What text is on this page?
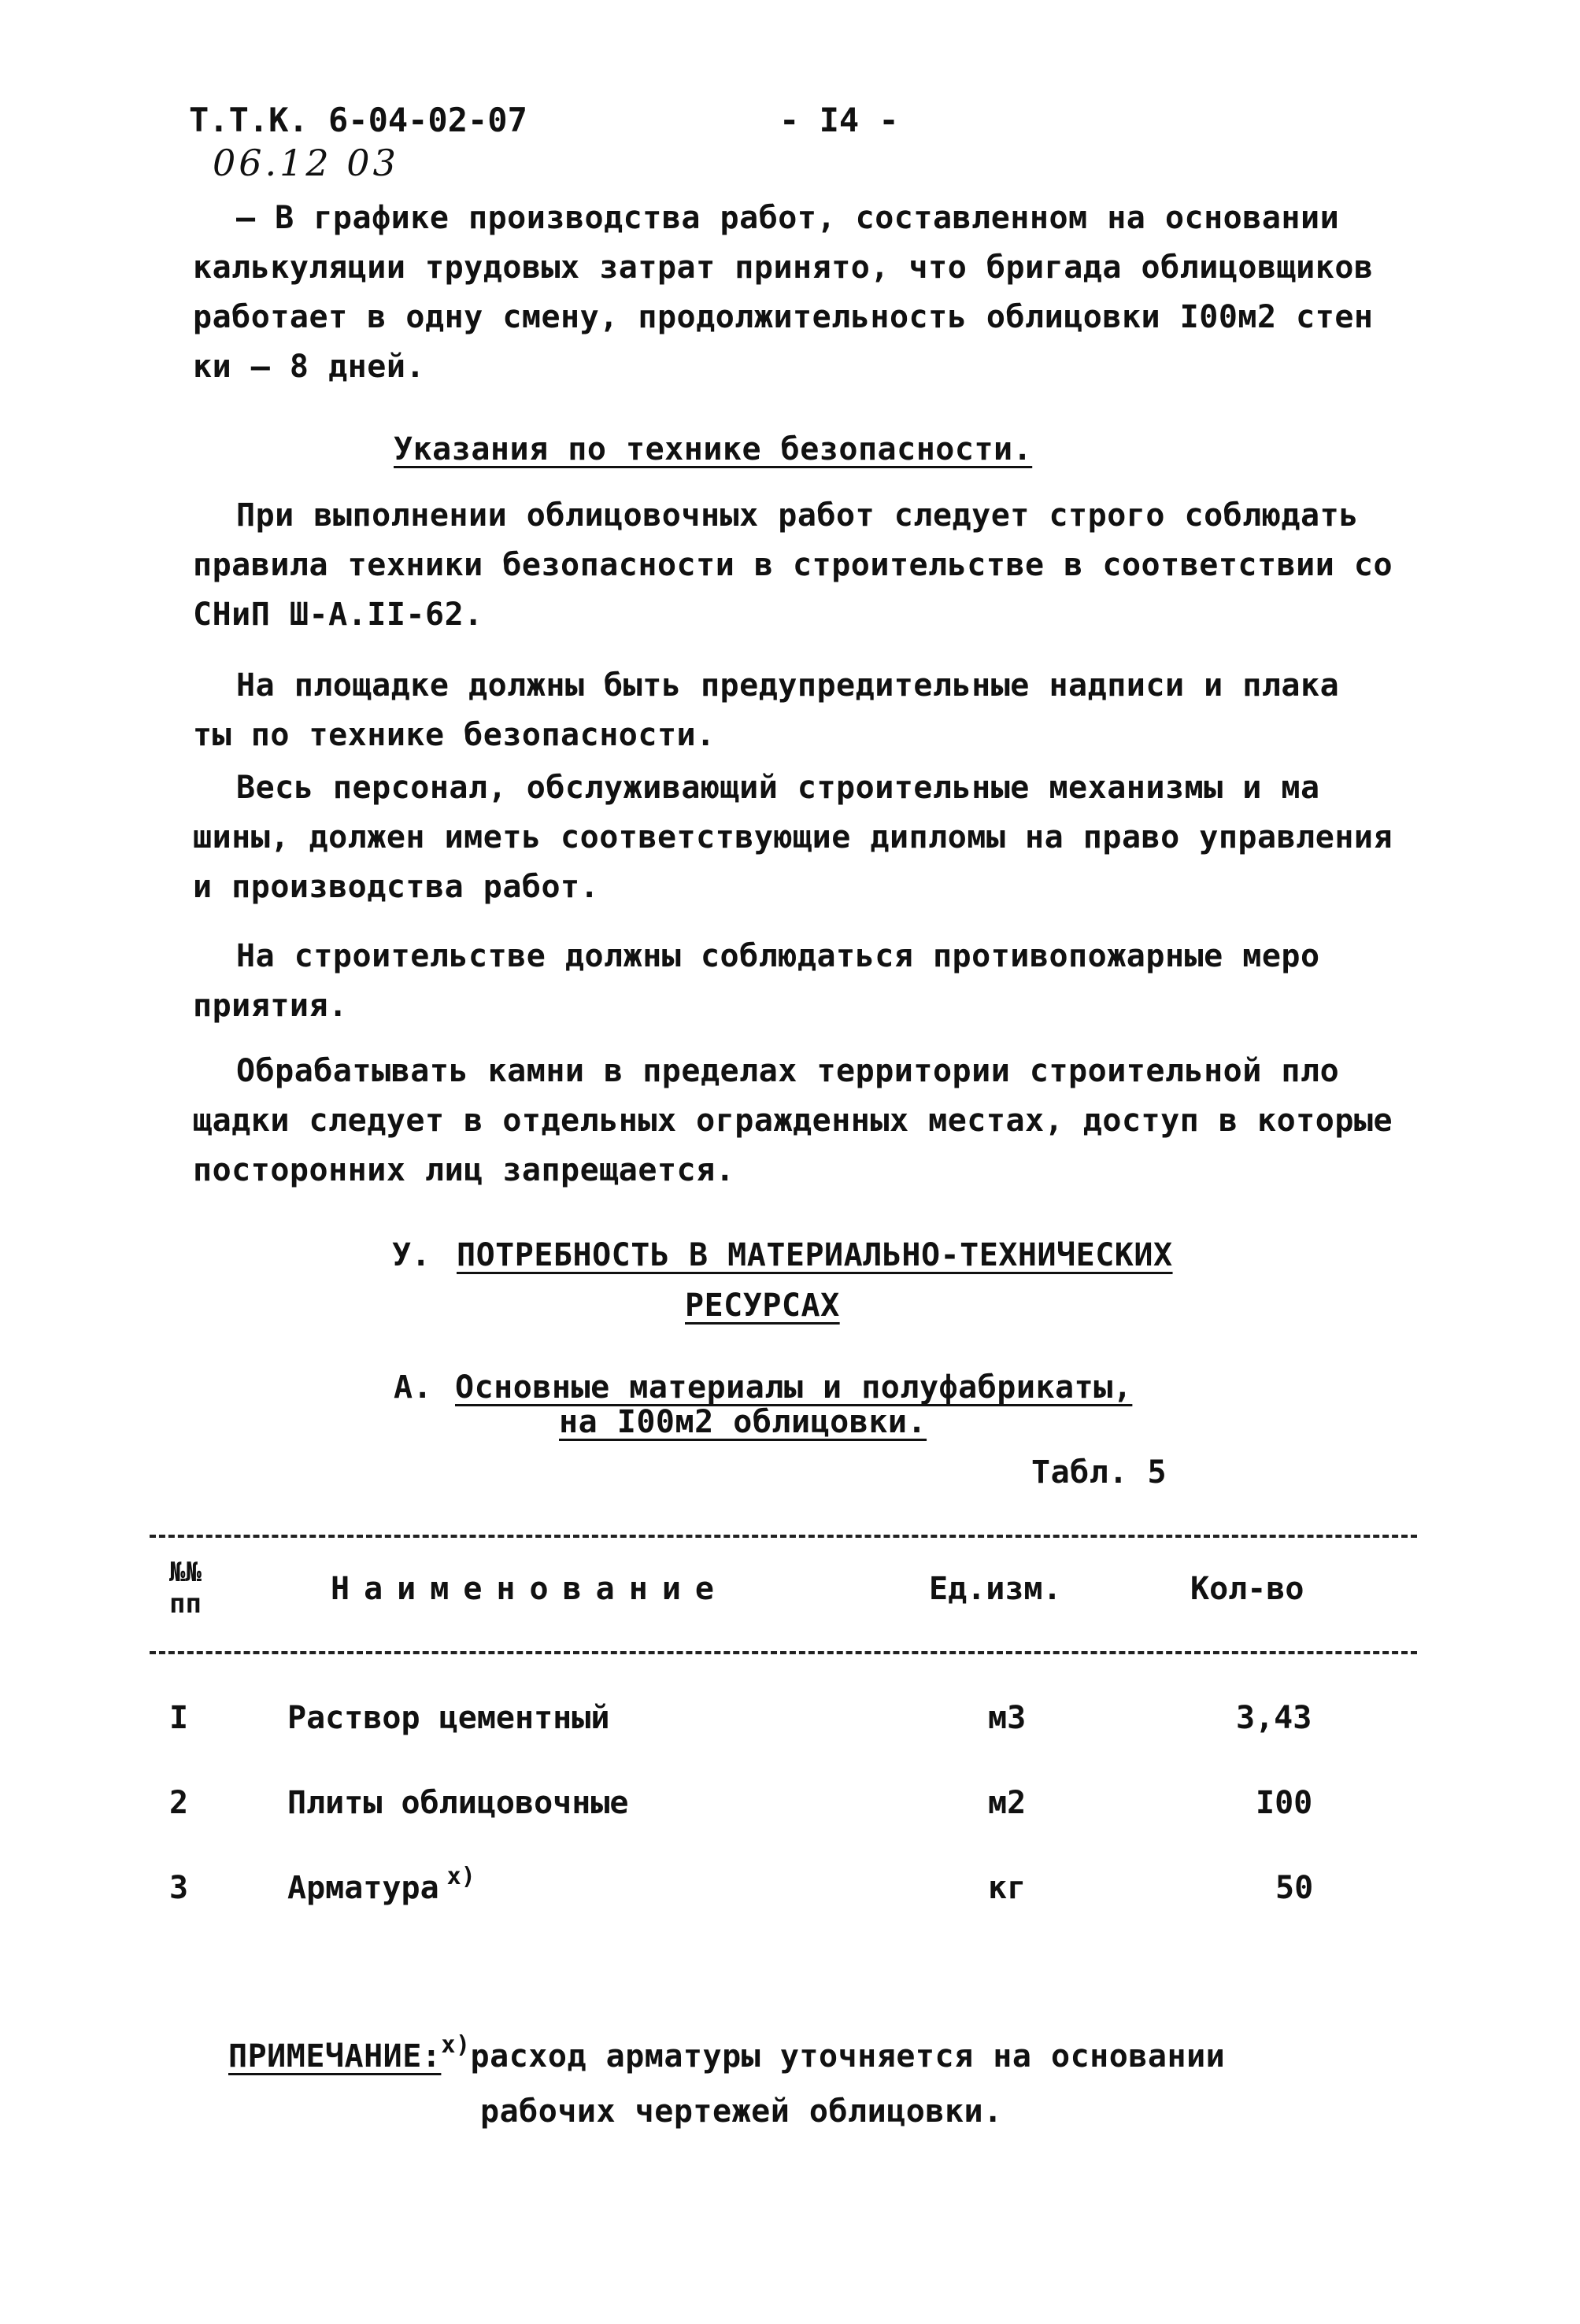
Т.Т.К. 6-04-02-07	- I4 -
06.12 03
– В графике производства работ, составленном на основании
калькуляции трудовых затрат принято, что бригада облицовщиков
работает в одну смену, продолжительность облицовки I00м2 стен
ки – 8 дней.
Указания по технике безопасности.
При выполнении облицовочных работ следует строго соблюдать
правила техники безопасности в строительстве в соответствии со
СНиП Ш-А.II-62.
На площадке должны быть предупредительные надписи и плака
ты по технике безопасности.
Весь персонал, обслуживающий строительные механизмы и ма
шины, должен иметь соответствующие дипломы на право управления
и производства работ.
На строительстве должны соблюдаться противопожарные меро
приятия.
Обрабатывать камни в пределах территории строительной пло
щадки следует в отдельных огражденных местах, доступ в которые
посторонних лиц запрещается.
У. ПОТРЕБНОСТЬ В МАТЕРИАЛЬНО-ТЕХНИЧЕСКИХ
РЕСУРСАХ
А. Основные материалы и полуфабрикаты,
на I00м2 облицовки.
Табл. 5
№№
пп	Наименование	Ед.изм.	Кол-во
I	Раствор цементный	м3	3,43
2	Плиты облицовочные	м2	I00
3	Арматура $^{х)}$	кг	50
ПРИМЕЧАНИЕ:$^{х)}$расход арматуры уточняется на основании
рабочих чертежей облицовки.
